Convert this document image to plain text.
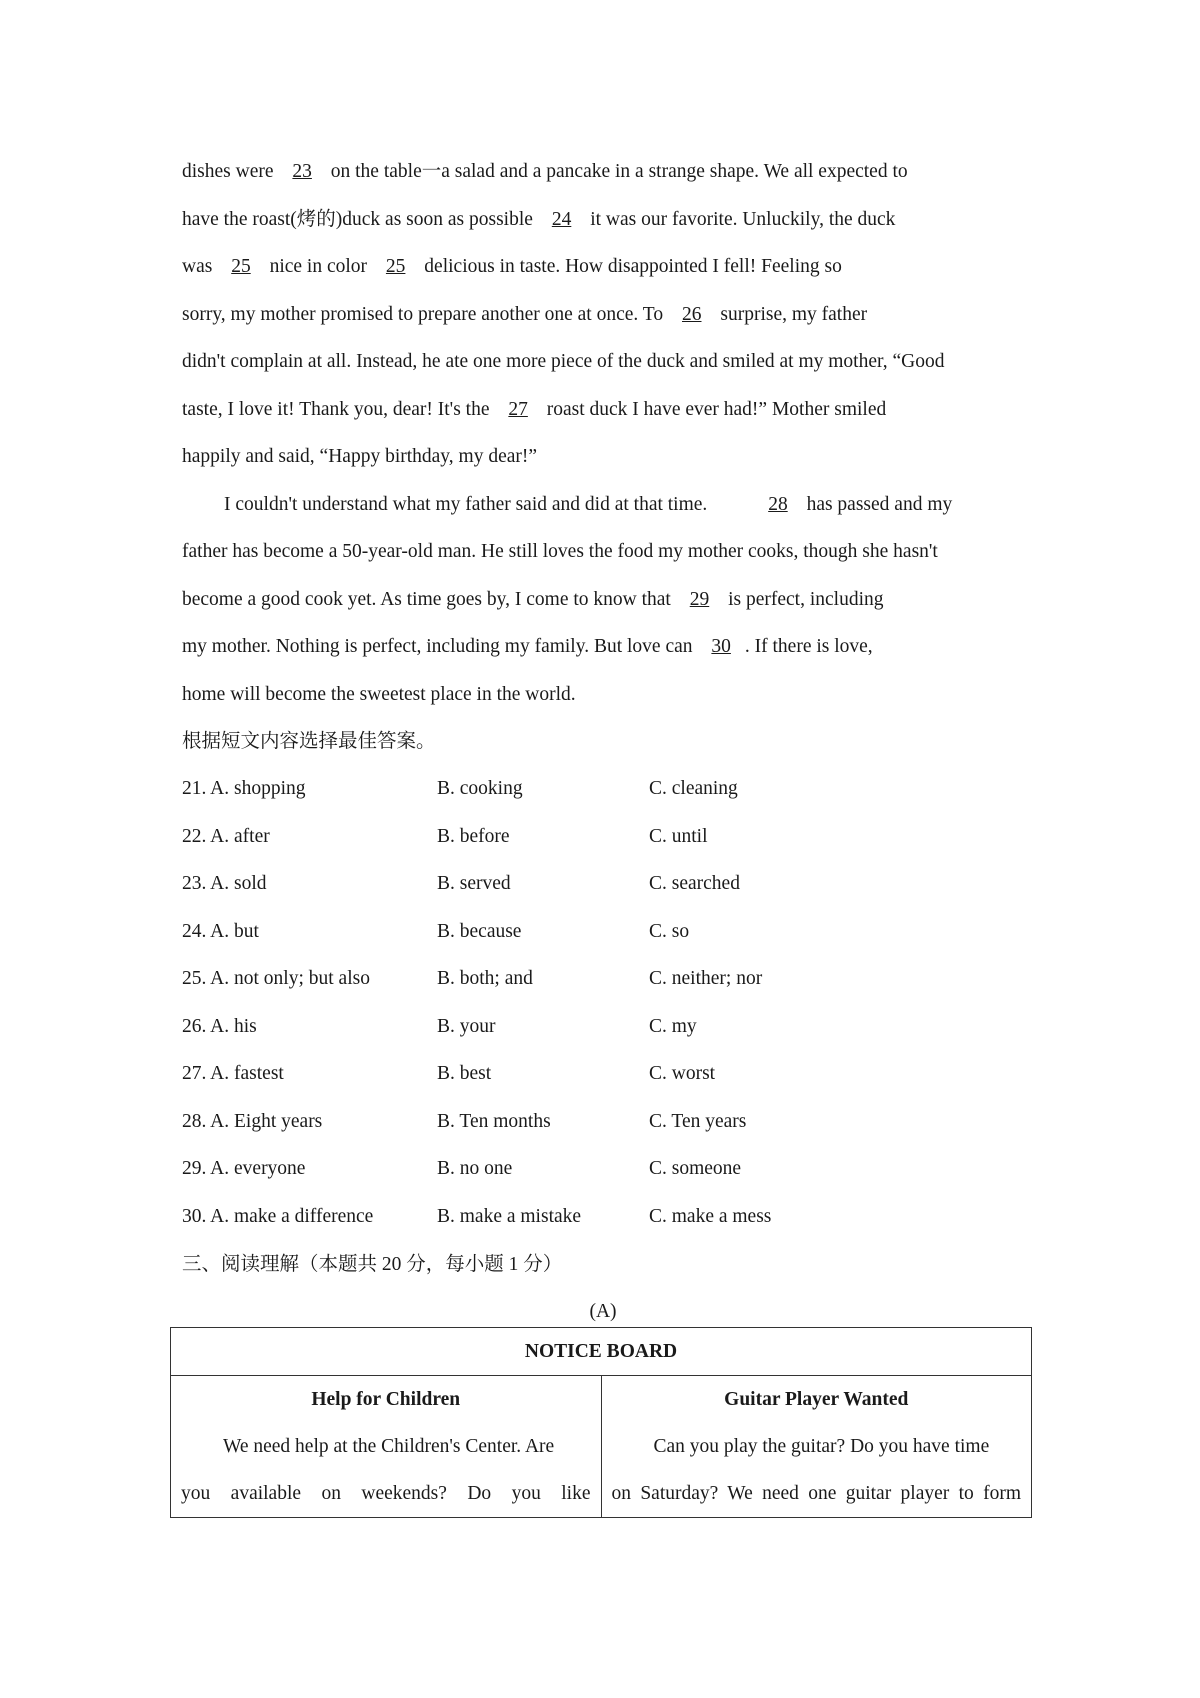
dishes were 23 on the table一a salad and a pancake in a strange shape. We all expected to

have the roast(烤的)duck as soon as possible 24 it was our favorite. Unluckily, the duck

was 25 nice in color 25 delicious in taste. How disappointed I fell! Feeling so

sorry, my mother promised to prepare another one at once. To 26 surprise, my father

didn't complain at all. Instead, he ate one more piece of the duck and smiled at my mother, “Good

taste, I love it! Thank you, dear! It's the 27 roast duck I have ever had!” Mother smiled

happily and said, “Happy birthday, my dear!”

I couldn't understand what my father said and did at that time.	28 has passed and my

father has become a 50-year-old man. He still loves the food my mother cooks, though she hasn't

become a good cook yet. As time goes by, I come to know that 29 is perfect, including

my mother. Nothing is perfect, including my family. But love can 30 . If there is love,

home will become the sweetest place in the world.

根据短文内容选择最佳答案。

21. A. shopping	B. cooking	C. cleaning
22. A. after	B. before	C. until
23. A. sold	B. served	C. searched
24. A. but	B. because	C. so
25. A. not only; but also	B. both; and	C. neither; nor
26. A. his	B. your	C. my
27. A. fastest	B. best	C. worst
28. A. Eight years	B. Ten months	C. Ten years
29. A. everyone	B. no one	C. someone
30. A. make a difference	B. make a mistake	C. make a mess

三、阅读理解（本题共 20 分，每小题 1 分）

(A)

NOTICE BOARD

Help for Children
We need help at the Children's Center. Are
you available on weekends? Do you like

Guitar Player Wanted
Can you play the guitar? Do you have time
on Saturday? We need one guitar player to form
